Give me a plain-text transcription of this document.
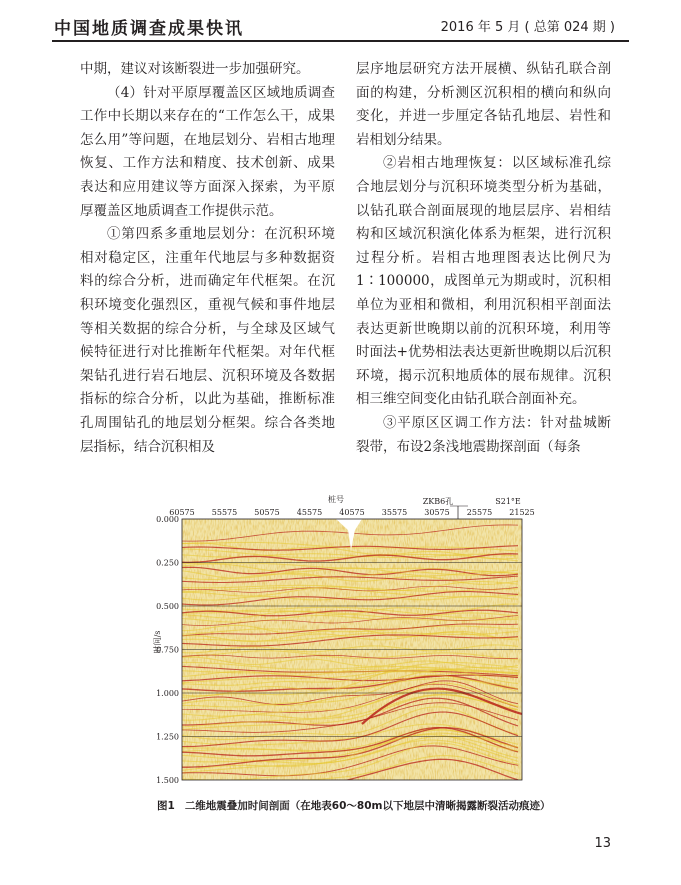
中国地质调查成果快讯	2016 年 5 月 ( 总第 024 期 )

中期，建议对该断裂进一步加强研究。

（4）针对平原厚覆盖区区域地质调查工作中长期以来存在的“工作怎么干，成果怎么用”等问题，在地层划分、岩相古地理恢复、工作方法和精度、技术创新、成果表达和应用建议等方面深入探索，为平原厚覆盖区地质调查工作提供示范。

①第四系多重地层划分：在沉积环境相对稳定区，注重年代地层与多种数据资料的综合分析，进而确定年代框架。在沉积环境变化强烈区，重视气候和事件地层等相关数据的综合分析，与全球及区域气候特征进行对比推断年代框架。对年代框架钻孔进行岩石地层、沉积环境及各数据指标的综合分析，以此为基础，推断标准孔周围钻孔的地层划分框架。综合各类地层指标，结合沉积相及

层序地层研究方法开展横、纵钻孔联合剖面的构建，分析测区沉积相的横向和纵向变化，并进一步厘定各钻孔地层、岩性和岩相划分结果。

②岩相古地理恢复：以区域标准孔综合地层划分与沉积环境类型分析为基础，以钻孔联合剖面展现的地层层序、岩相结构和区域沉积演化体系为框架，进行沉积过程分析。岩相古地理图表达比例尺为1∶100000，成图单元为期或时，沉积相单位为亚相和微相，利用沉积相平剖面法表达更新世晚期以前的沉积环境，利用等时面法+优势相法表达更新世晚期以后沉积环境，揭示沉积地质体的展布规律。沉积相三维空间变化由钻孔联合剖面补充。

③平原区区调工作方法：针对盐城断裂带，布设2条浅地震勘探剖面（每条

桩号	ZKB6孔	S21°E
60575 55575 50575 45575 40575 35575 30575 25575 21525
0.000
0.250
0.500
0.750
1.000
1.250
1.500
时间/s
图1 二维地震叠加时间剖面（在地表60～80m以下地层中清晰揭露断裂活动痕迹）
13
